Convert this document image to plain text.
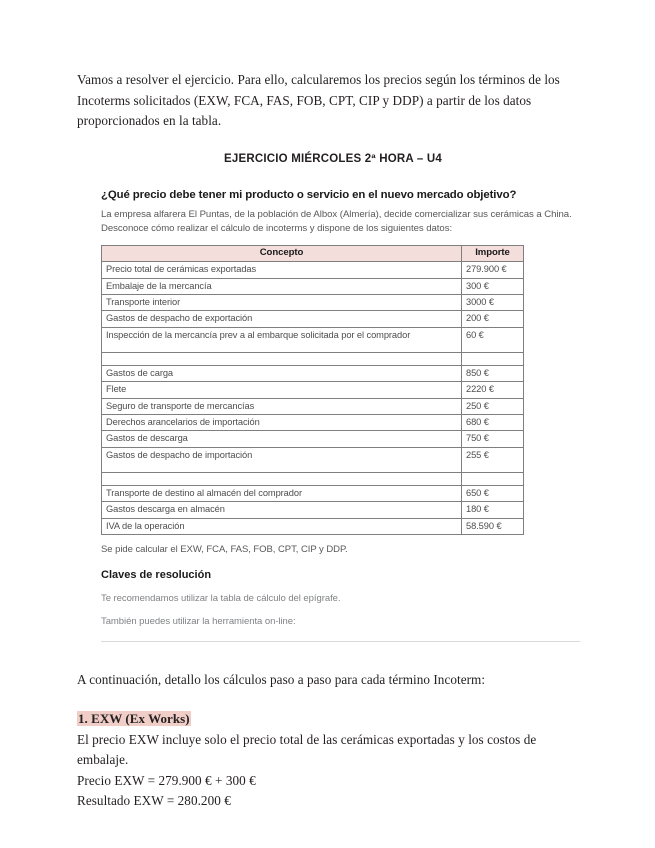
Vamos a resolver el ejercicio. Para ello, calcularemos los precios según los términos de los Incoterms solicitados (EXW, FCA, FAS, FOB, CPT, CIP y DDP) a partir de los datos proporcionados en la tabla.

EJERCICIO MIÉRCOLES 2ª HORA – U4
¿Qué precio debe tener mi producto o servicio en el nuevo mercado objetivo?

La empresa alfarera El Puntas, de la población de Albox (Almería), decide comercializar sus cerámicas a China. Desconoce cómo realizar el cálculo de incoterms y dispone de los siguientes datos:

Concepto	Importe
Precio total de cerámicas exportadas	279.900 €
Embalaje de la mercancía	300 €
Transporte interior	3000 €
Gastos de despacho de exportación	200 €
Inspección de la mercancía prev a al embarque solicitada por el comprador	60 €

Gastos de carga	850 €
Flete	2220 €
Seguro de transporte de mercancías	250 €
Derechos arancelarios de importación	680 €
Gastos de descarga	750 €
Gastos de despacho de importación	255 €

Transporte de destino al almacén del comprador	650 €
Gastos descarga en almacén	180 €
IVA de la operación	58.590 €

Se pide calcular el EXW, FCA, FAS, FOB, CPT, CIP y DDP.

Claves de resolución

Te recomendamos utilizar la tabla de cálculo del epígrafe.

También puedes utilizar la herramienta on-line:

A continuación, detallo los cálculos paso a paso para cada término Incoterm:

1. EXW (Ex Works)

El precio EXW incluye solo el precio total de las cerámicas exportadas y los costos de embalaje.

Precio EXW = 279.900 € + 300 €

Resultado EXW = 280.200 €
